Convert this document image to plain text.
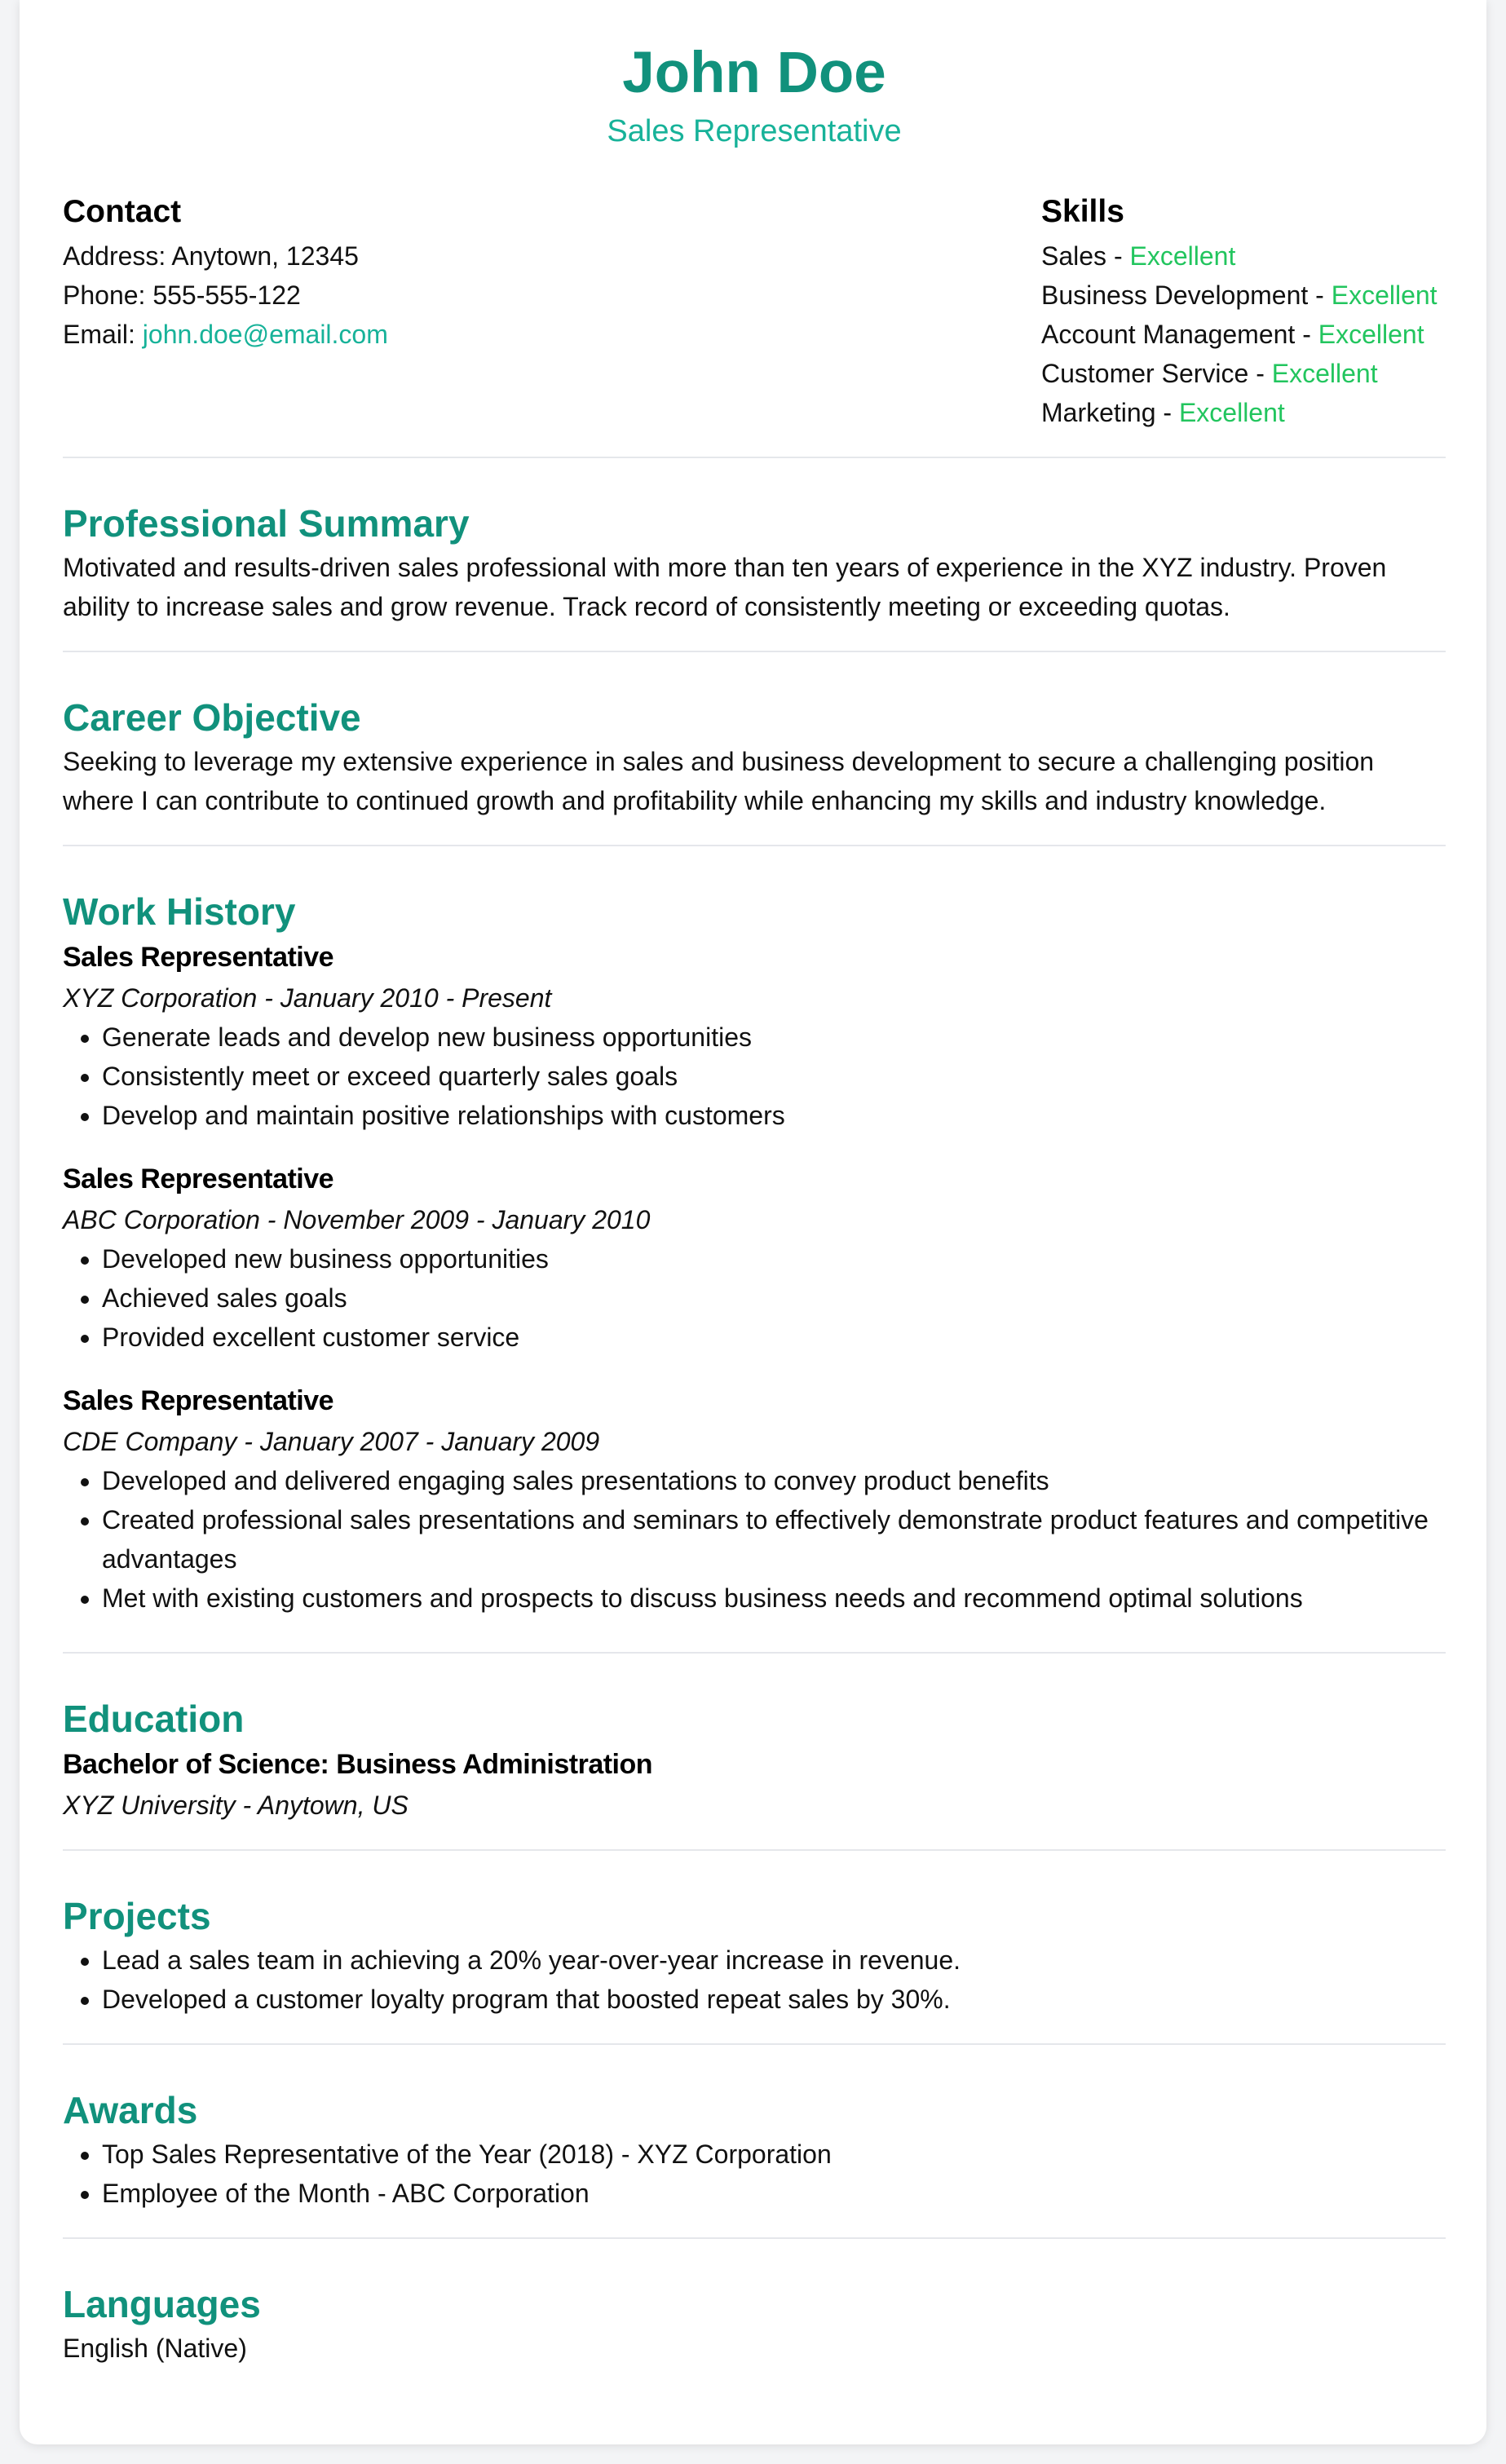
John Doe
Sales Representative
Contact
Address: Anytown, 12345
Phone: 555-555-122
Email: john.doe@email.com
Skills
Sales - Excellent
Business Development - Excellent
Account Management - Excellent
Customer Service - Excellent
Marketing - Excellent
Professional Summary

Motivated and results-driven sales professional with more than ten years of experience in the XYZ industry. Proven ability to increase sales and grow revenue. Track record of consistently meeting or exceeding quotas.

Career Objective

Seeking to leverage my extensive experience in sales and business development to secure a challenging position where I can contribute to continued growth and profitability while enhancing my skills and industry knowledge.

Work History
Sales Representative
XYZ Corporation - January 2010 - Present
• Generate leads and develop new business opportunities
• Consistently meet or exceed quarterly sales goals
• Develop and maintain positive relationships with customers
Sales Representative
ABC Corporation - November 2009 - January 2010
• Developed new business opportunities
• Achieved sales goals
• Provided excellent customer service
Sales Representative
CDE Company - January 2007 - January 2009
• Developed and delivered engaging sales presentations to convey product benefits
• Created professional sales presentations and seminars to effectively demonstrate product features and competitive advantages
• Met with existing customers and prospects to discuss business needs and recommend optimal solutions
Education
Bachelor of Science: Business Administration
XYZ University - Anytown, US
Projects
• Lead a sales team in achieving a 20% year-over-year increase in revenue.
• Developed a customer loyalty program that boosted repeat sales by 30%.
Awards
• Top Sales Representative of the Year (2018) - XYZ Corporation
• Employee of the Month - ABC Corporation
Languages

English (Native)
